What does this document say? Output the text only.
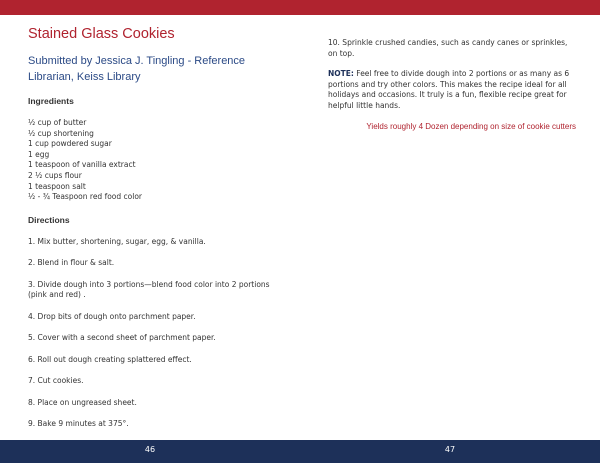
Stained Glass Cookies
Submitted by Jessica J. Tingling - Reference Librarian, Keiss Library
Ingredients
½ cup of butter
½ cup shortening
1 cup powdered sugar
1 egg
1 teaspoon of vanilla extract
2 ½ cups flour
1 teaspoon salt
½ - ¾ Teaspoon red food color
Directions
1. Mix butter, shortening, sugar, egg, & vanilla.
2. Blend in flour & salt.
3. Divide dough into 3 portions—blend food color into 2 portions (pink and red) .
4. Drop bits of dough onto parchment paper.
5. Cover with a second sheet of parchment paper.
6. Roll out dough creating splattered effect.
7. Cut cookies.
8. Place on ungreased sheet.
9. Bake 9 minutes at 375°.

10. Sprinkle crushed candies, such as candy canes or sprinkles, on top.

NOTE: Feel free to divide dough into 2 portions or as many as 6 portions and try other colors. This makes the recipe ideal for all holidays and occasions. It truly is a fun, flexible recipe great for helpful little hands.

Yields roughly 4 Dozen depending on size of cookie cutters

46	47
